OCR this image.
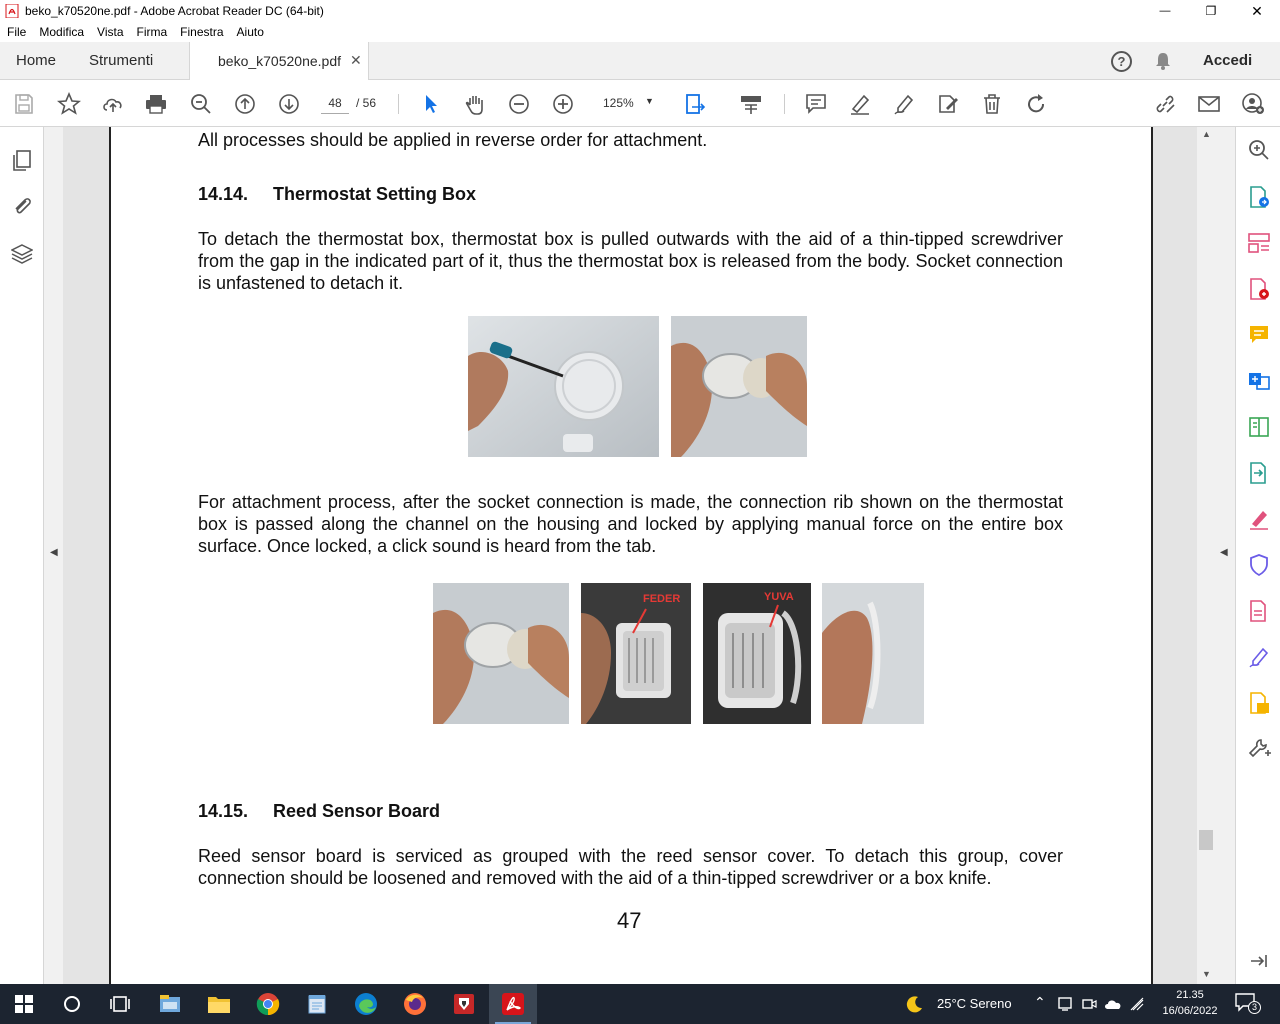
beko_k70520ne.pdf - Adobe Acrobat Reader DC (64-bit)	—	❐ ✕
File	Modifica	Vista	Firma	Finestra	Aiuto
Home Strumenti	beko_k70520ne.pdf ✕	?	Accedi
48	/ 56	125% ▼
◀
All processes should be applied in reverse order for attachment.
14.14. Thermostat Setting Box
To detach the thermostat box, thermostat box is pulled outwards with the aid of a thin-tipped screwdriver from the gap in the indicated part of it, thus the thermostat box is released from the body. Socket connection is unfastened to detach it.
For attachment process, after the socket connection is made, the connection rib shown on the thermostat box is passed along the channel on the housing and locked by applying manual force on the entire box surface. Once locked, a click sound is heard from the tab.
FEDER	YUVA
14.15. Reed Sensor Board
Reed sensor board is serviced as grouped with the reed sensor cover. To detach this group, cover connection should be loosened and removed with the aid of a thin-tipped screwdriver or a box knife.
47
▲
▼
◀
25°C Sereno ⌃	21.35
16/06/2022	3
